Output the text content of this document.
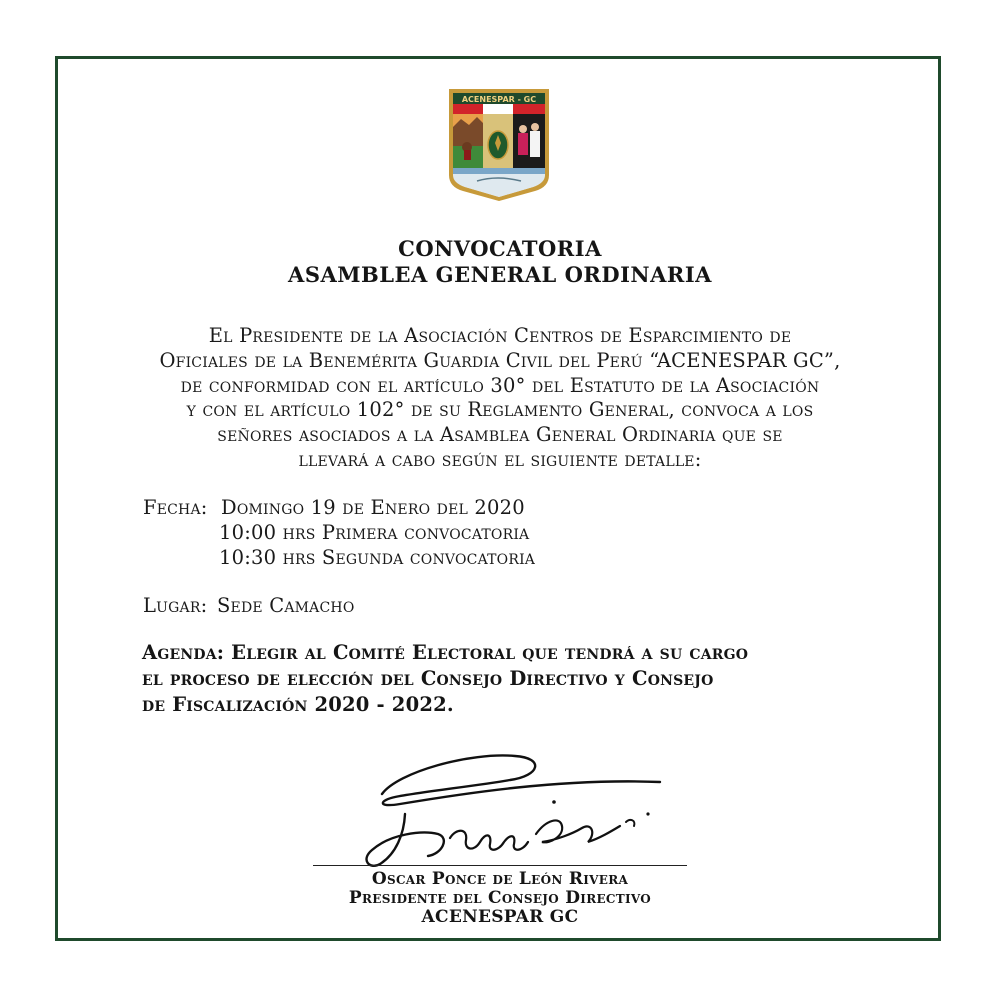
ACENESPAR - GC
CONVOCATORIA
ASAMBLEA GENERAL ORDINARIA
El Presidente de la Asociación Centros de Esparcimiento de
Oficiales de la Benemérita Guardia Civil del Perú “ACENESPAR GC”,
de conformidad con el artículo 30° del Estatuto de la Asociación
y con el artículo 102° de su Reglamento General, convoca a los
señores asociados a la Asamblea General Ordinaria que se
llevará a cabo según el siguiente detalle:
Fecha: Domingo 19 de Enero del 2020
10:00 hrs Primera convocatoria
10:30 hrs Segunda convocatoria
Lugar: Sede Camacho
Agenda: Elegir al Comité Electoral que tendrá a su cargo
el proceso de elección del Consejo Directivo y Consejo
de Fiscalización 2020 - 2022.
Oscar Ponce de León Rivera
Presidente del Consejo Directivo
ACENESPAR GC
